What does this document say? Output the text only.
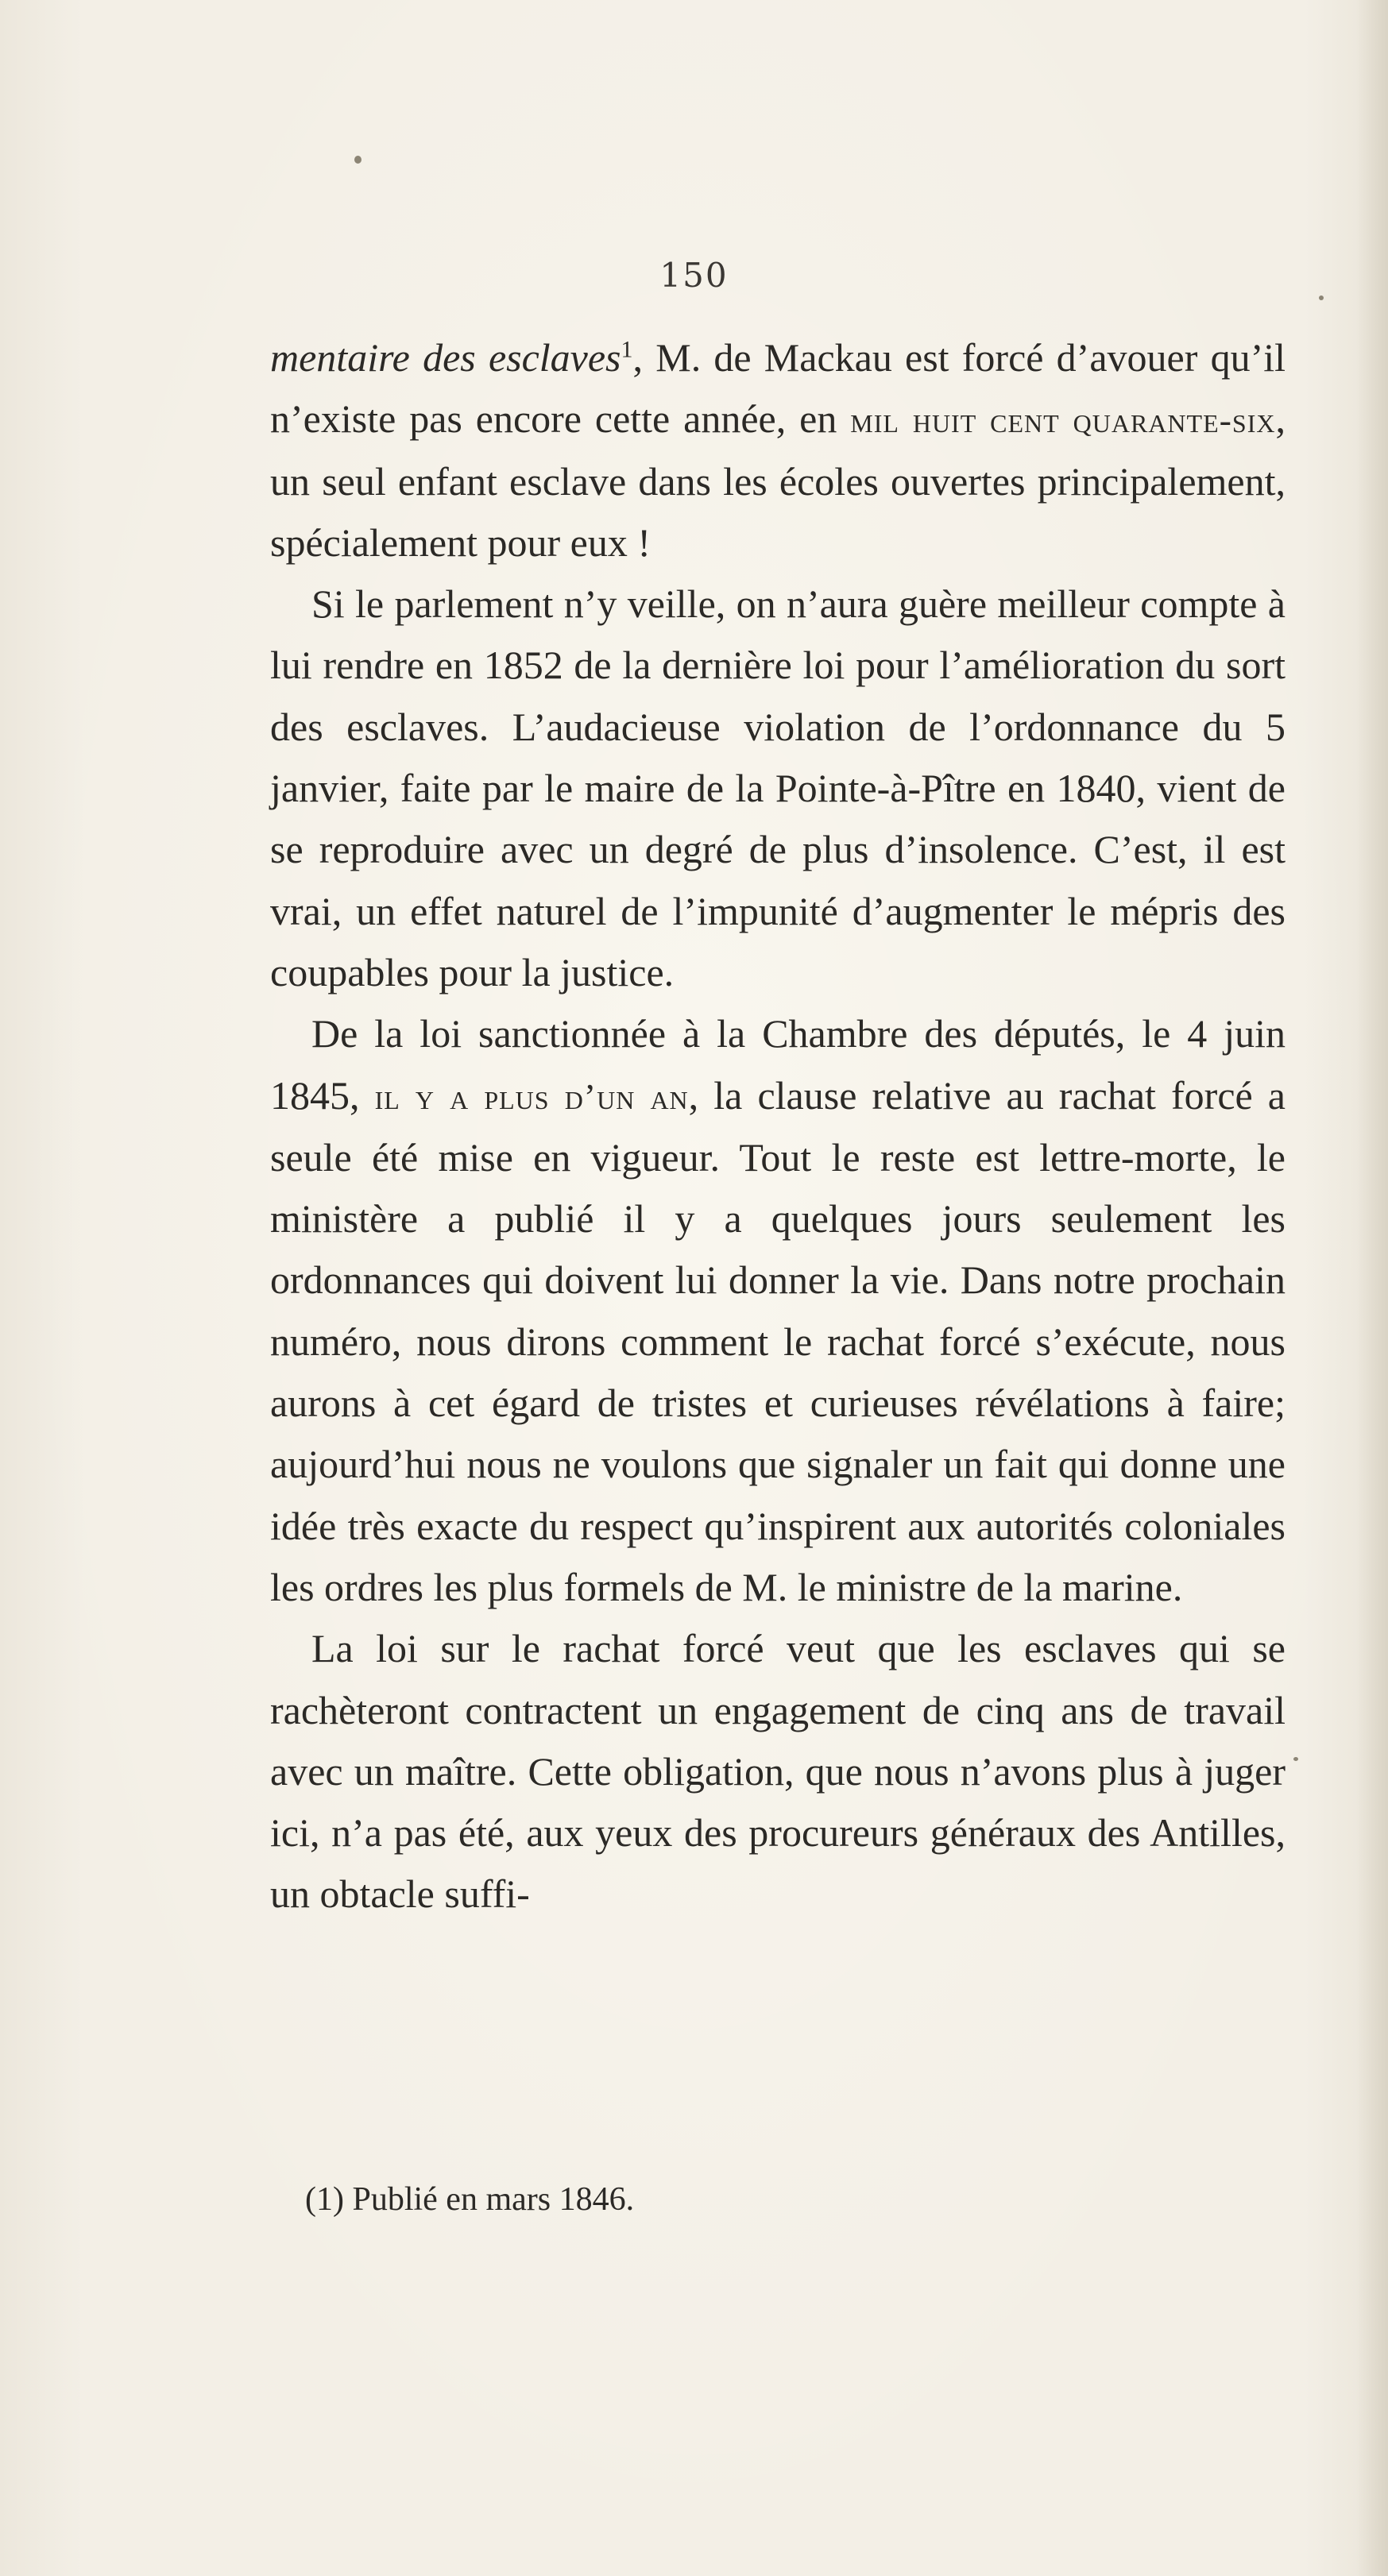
150

mentaire des esclaves$^1$, M. de Mackau est forcé d’avouer qu’il n’existe pas encore cette année, en mil huit cent quarante-six, un seul enfant esclave dans les écoles ouvertes principalement, spécialement pour eux !

Si le parlement n’y veille, on n’aura guère meilleur compte à lui rendre en 1852 de la dernière loi pour l’amélioration du sort des esclaves. L’audacieuse violation de l’ordonnance du 5 janvier, faite par le maire de la Pointe-à-Pître en 1840, vient de se reproduire avec un degré de plus d’insolence. C’est, il est vrai, un effet naturel de l’impunité d’augmenter le mépris des coupables pour la justice.

De la loi sanctionnée à la Chambre des députés, le 4 juin 1845, il y a plus d’un an, la clause relative au rachat forcé a seule été mise en vigueur. Tout le reste est lettre-morte, le ministère a publié il y a quelques jours seulement les ordonnances qui doivent lui donner la vie. Dans notre prochain numéro, nous dirons comment le rachat forcé s’exécute, nous aurons à cet égard de tristes et curieuses révélations à faire; aujourd’hui nous ne voulons que signaler un fait qui donne une idée très exacte du respect qu’inspirent aux autorités coloniales les ordres les plus formels de M. le ministre de la marine.

La loi sur le rachat forcé veut que les esclaves qui se rachèteront contractent un engagement de cinq ans de travail avec un maître. Cette obligation, que nous n’avons plus à juger ici, n’a pas été, aux yeux des procureurs généraux des Antilles, un obtacle suffi-

(1) Publié en mars 1846.
